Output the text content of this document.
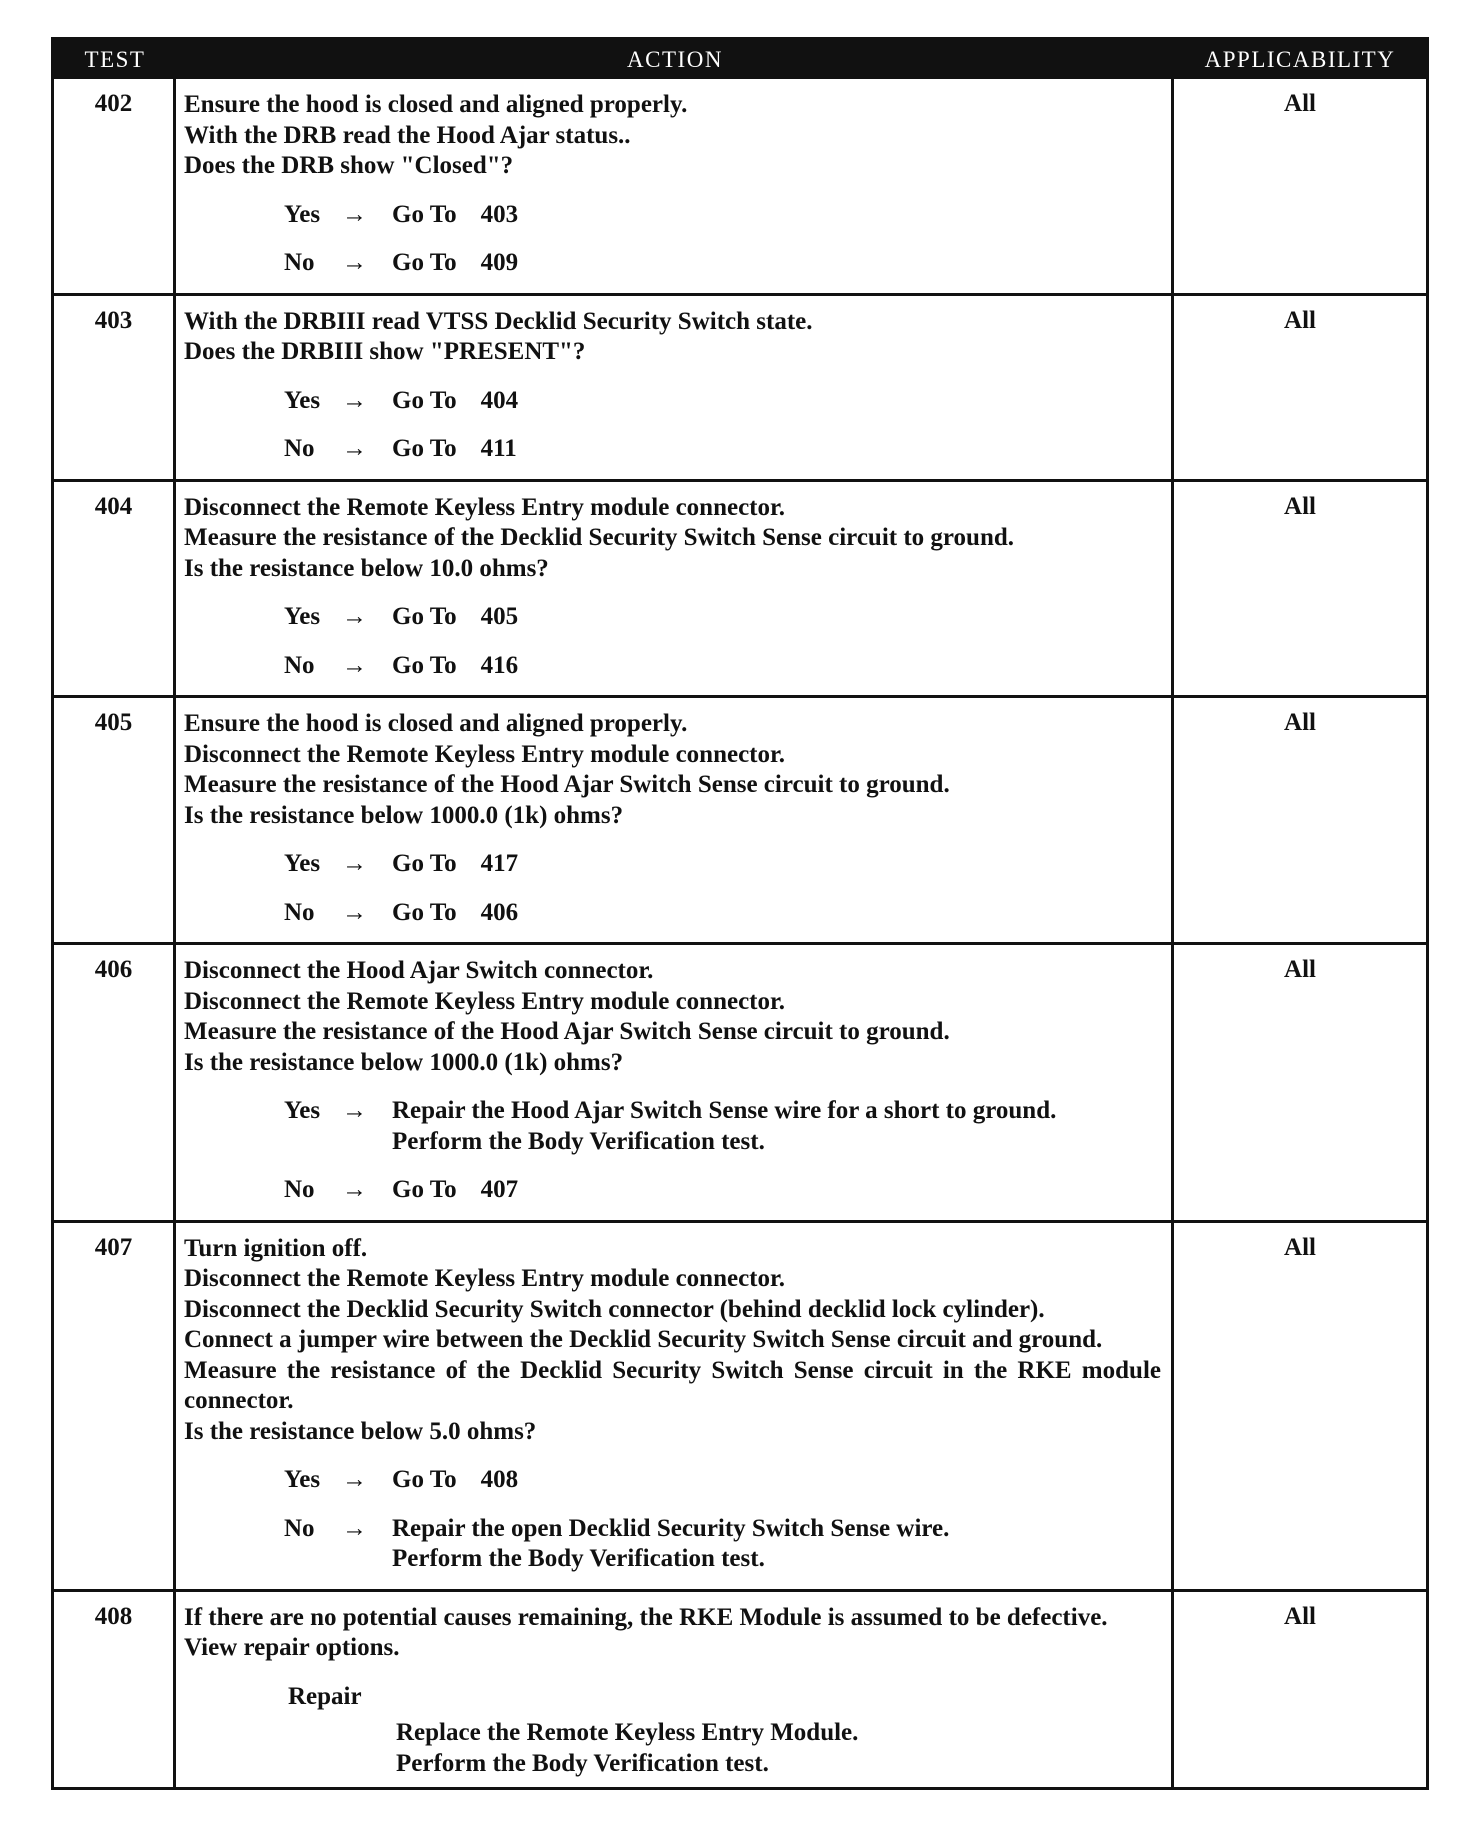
TEST	ACTION	APPLICABILITY
402	Ensure the hood is closed and aligned properly.
With the DRB read the Hood Ajar status..
Does the DRB show "Closed"?
Yes →	Go To 403
No	→	Go To 409
All
403	With the DRBIII read VTSS Decklid Security Switch state.
Does the DRBIII show "PRESENT"?
Yes →	Go To 404
No	→	Go To 411
All
404	Disconnect the Remote Keyless Entry module connector.
Measure the resistance of the Decklid Security Switch Sense circuit to ground.
Is the resistance below 10.0 ohms?
Yes →	Go To 405
No	→	Go To 416
All
405	Ensure the hood is closed and aligned properly.
Disconnect the Remote Keyless Entry module connector.
Measure the resistance of the Hood Ajar Switch Sense circuit to ground.
Is the resistance below 1000.0 (1k) ohms?
Yes →	Go To 417
No	→	Go To 406
All
406	Disconnect the Hood Ajar Switch connector.
Disconnect the Remote Keyless Entry module connector.
Measure the resistance of the Hood Ajar Switch Sense circuit to ground.
Is the resistance below 1000.0 (1k) ohms?
Yes →	Repair the Hood Ajar Switch Sense wire for a short to ground.
Perform the Body Verification test.
No	→	Go To 407
All
407	Turn ignition off.
Disconnect the Remote Keyless Entry module connector.
Disconnect the Decklid Security Switch connector (behind decklid lock cylinder).
Connect a jumper wire between the Decklid Security Switch Sense circuit and ground.
Measure the resistance of the Decklid Security Switch Sense circuit in the RKE module connector.
Is the resistance below 5.0 ohms?
Yes →	Go To 408
No	→	Repair the open Decklid Security Switch Sense wire.
Perform the Body Verification test.
All
408	If there are no potential causes remaining, the RKE Module is assumed to be defective.
View repair options.
Repair
Replace the Remote Keyless Entry Module.
Perform the Body Verification test.
All
